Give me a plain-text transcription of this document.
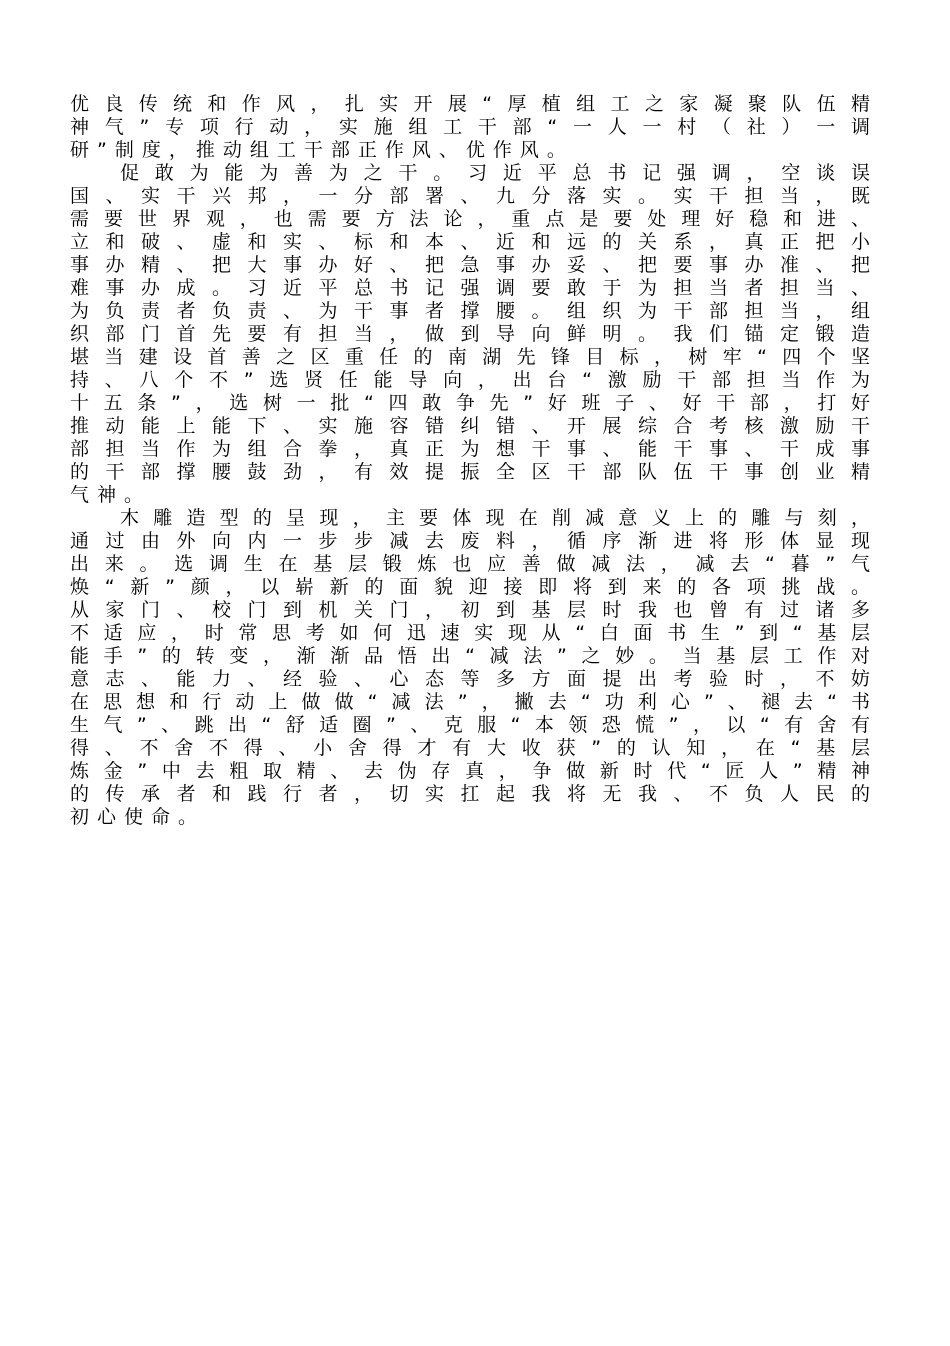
优良传统和作风，扎实开展“厚植组工之家凝聚队伍精
神气”专项行动，实施组工干部“一人一村（社）一调
研”制度，推动组工干部正作风、优作风。

促敢为能为善为之干。习近平总书记强调，空谈误
国、实干兴邦，一分部署、九分落实。实干担当，既
需要世界观，也需要方法论，重点是要处理好稳和进、
立和破、虚和实、标和本、近和远的关系，真正把小
事办精、把大事办好、把急事办妥、把要事办准、把
难事办成。习近平总书记强调要敢于为担当者担当、
为负责者负责、为干事者撑腰。组织为干部担当，组
织部门首先要有担当，做到导向鲜明。我们锚定锻造
堪当建设首善之区重任的南湖先锋目标，树牢“四个坚
持、八个不”选贤任能导向，出台“激励干部担当作为
十五条”，选树一批“四敢争先”好班子、好干部，打好
推动能上能下、实施容错纠错、开展综合考核激励干
部担当作为组合拳，真正为想干事、能干事、干成事
的干部撑腰鼓劲，有效提振全区干部队伍干事创业精
气神。

木雕造型的呈现，主要体现在削减意义上的雕与刻，
通过由外向内一步步减去废料，循序渐进将形体显现
出来。选调生在基层锻炼也应善做减法，减去“暮”气
焕“新”颜，以崭新的面貌迎接即将到来的各项挑战。
从家门、校门到机关门，初到基层时我也曾有过诸多
不适应，时常思考如何迅速实现从“白面书生”到“基层
能手”的转变，渐渐品悟出“减法”之妙。当基层工作对
意志、能力、经验、心态等多方面提出考验时，不妨
在思想和行动上做做“减法”，撇去“功利心”、褪去“书
生气”、跳出“舒适圈”、克服“本领恐慌”，以“有舍有
得、不舍不得、小舍得才有大收获”的认知，在“基层
炼金”中去粗取精、去伪存真，争做新时代“匠人”精神
的传承者和践行者，切实扛起我将无我、不负人民的
初心使命。
